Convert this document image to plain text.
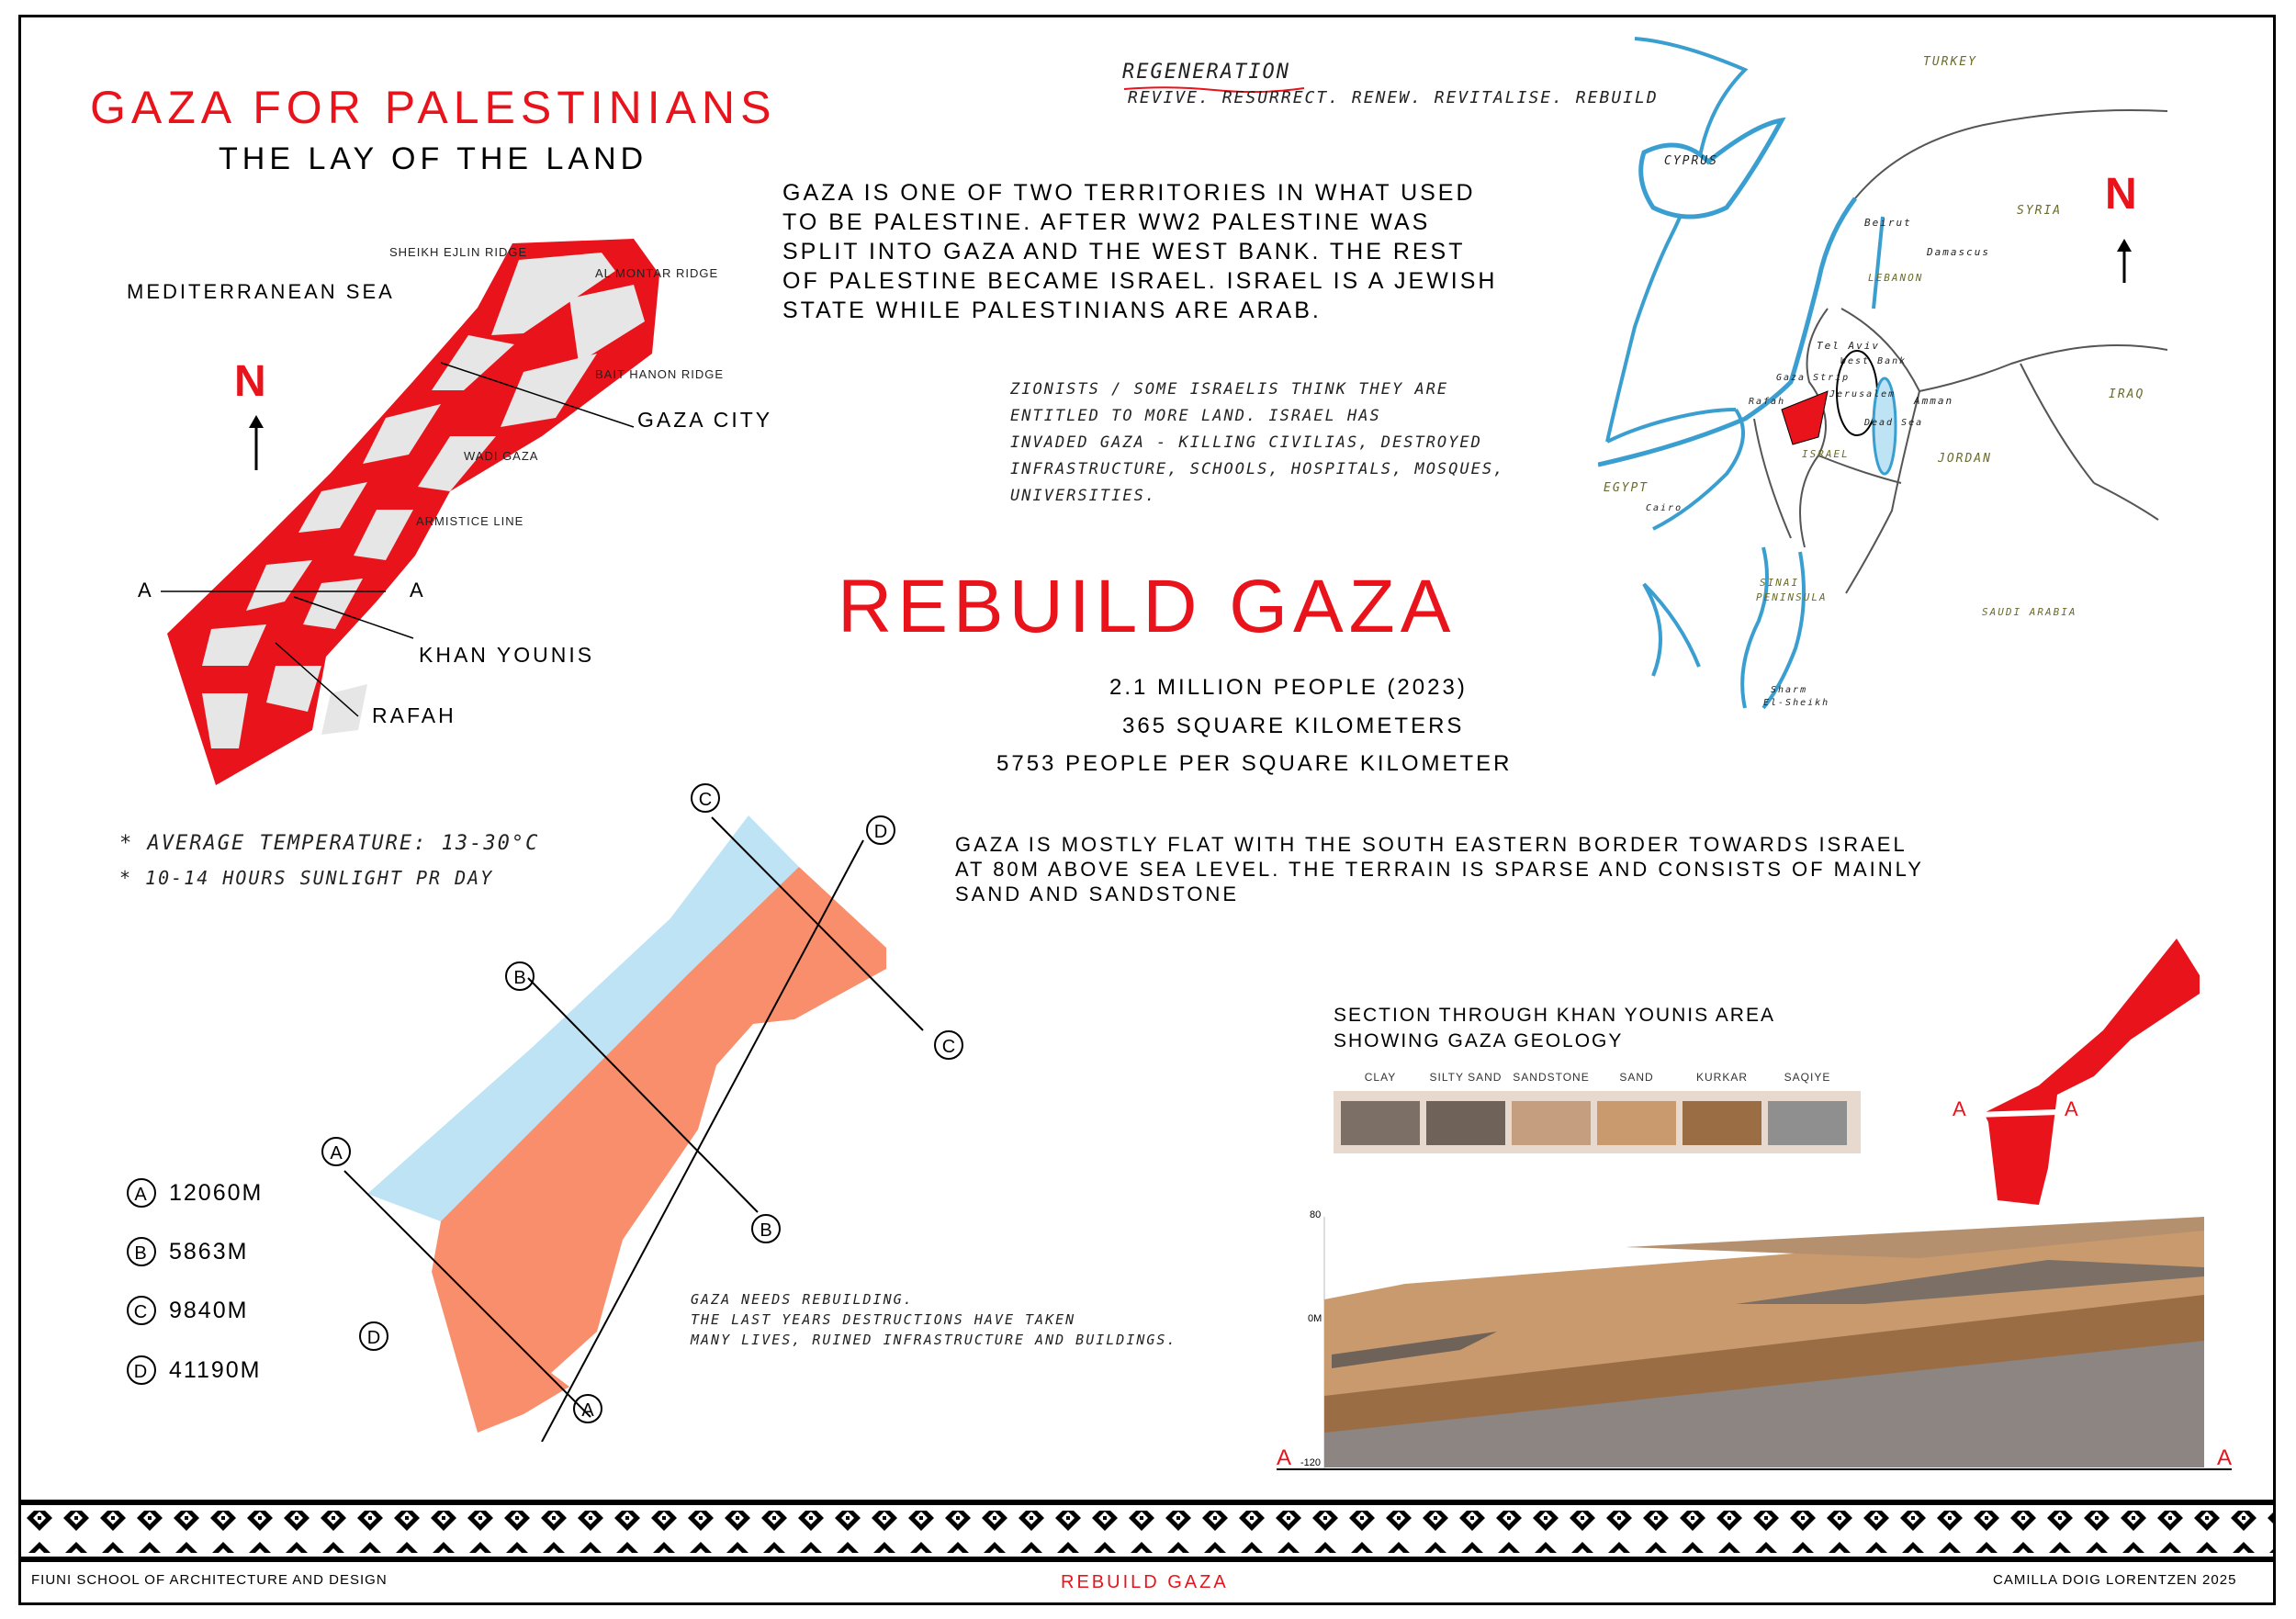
GAZA FOR PALESTINIANS
THE LAY OF THE LAND
MEDITERRANEAN SEA
N
SHEIKH EJLIN RIDGE
AL MONTAR RIDGE
BAIT HANON RIDGE
WADI GAZA
ARMISTICE LINE
A	A
GAZA CITY
KHAN YOUNIS
RAFAH
* AVERAGE TEMPERATURE: 13-30°C
* 10-14 HOURS SUNLIGHT PR DAY
GAZA IS ONE OF TWO TERRITORIES IN WHAT USED
TO BE PALESTINE. AFTER WW2 PALESTINE WAS
SPLIT INTO GAZA AND THE WEST BANK. THE REST
OF PALESTINE BECAME ISRAEL. ISRAEL IS A JEWISH
STATE WHILE PALESTINIANS ARE ARAB.
REGENERATION
REVIVE. RESURRECT. RENEW. REVITALISE. REBUILD
ZIONISTS / SOME ISRAELIS THINK THEY ARE
ENTITLED TO MORE LAND. ISRAEL HAS
INVADED GAZA - KILLING CIVILIAS, DESTROYED
INFRASTRUCTURE, SCHOOLS, HOSPITALS, MOSQUES,
UNIVERSITIES.
REBUILD GAZA
2.1 MILLION PEOPLE (2023)
365 SQUARE KILOMETERS
5753 PEOPLE PER SQUARE KILOMETER
GAZA IS MOSTLY FLAT WITH THE SOUTH EASTERN BORDER TOWARDS ISRAEL
AT 80M ABOVE SEA LEVEL. THE TERRAIN IS SPARSE AND CONSISTS OF MAINLY
SAND AND SANDSTONE
N
TURKEY
CYPRUS
SYRIA
Beirut
LEBANON
Damascus
Tel Aviv
Gaza Strip
Rafah
West Bank
Jerusalem
Dead Sea
Amman	IRAQ
ISRAEL	JORDAN
EGYPT
Cairo
SINAI
PENINSULA
Sharm
El-Sheikh
SAUDI ARABIA
C
D
B
C
A
B
D
A
A 12060M
B 5863M
C 9840M
D 41190M
GAZA NEEDS REBUILDING.
THE LAST YEARS DESTRUCTIONS HAVE TAKEN
MANY LIVES, RUINED INFRASTRUCTURE AND BUILDINGS.
SECTION THROUGH KHAN YOUNIS AREA
SHOWING GAZA GEOLOGY
CLAY	SILTY SAND SANDSTONE	SAND	KURKAR	SAQIYE
A	A
80
0M
-120
A	A
FIUNI SCHOOL OF ARCHITECTURE AND DESIGN	REBUILD GAZA	CAMILLA DOIG LORENTZEN 2025
